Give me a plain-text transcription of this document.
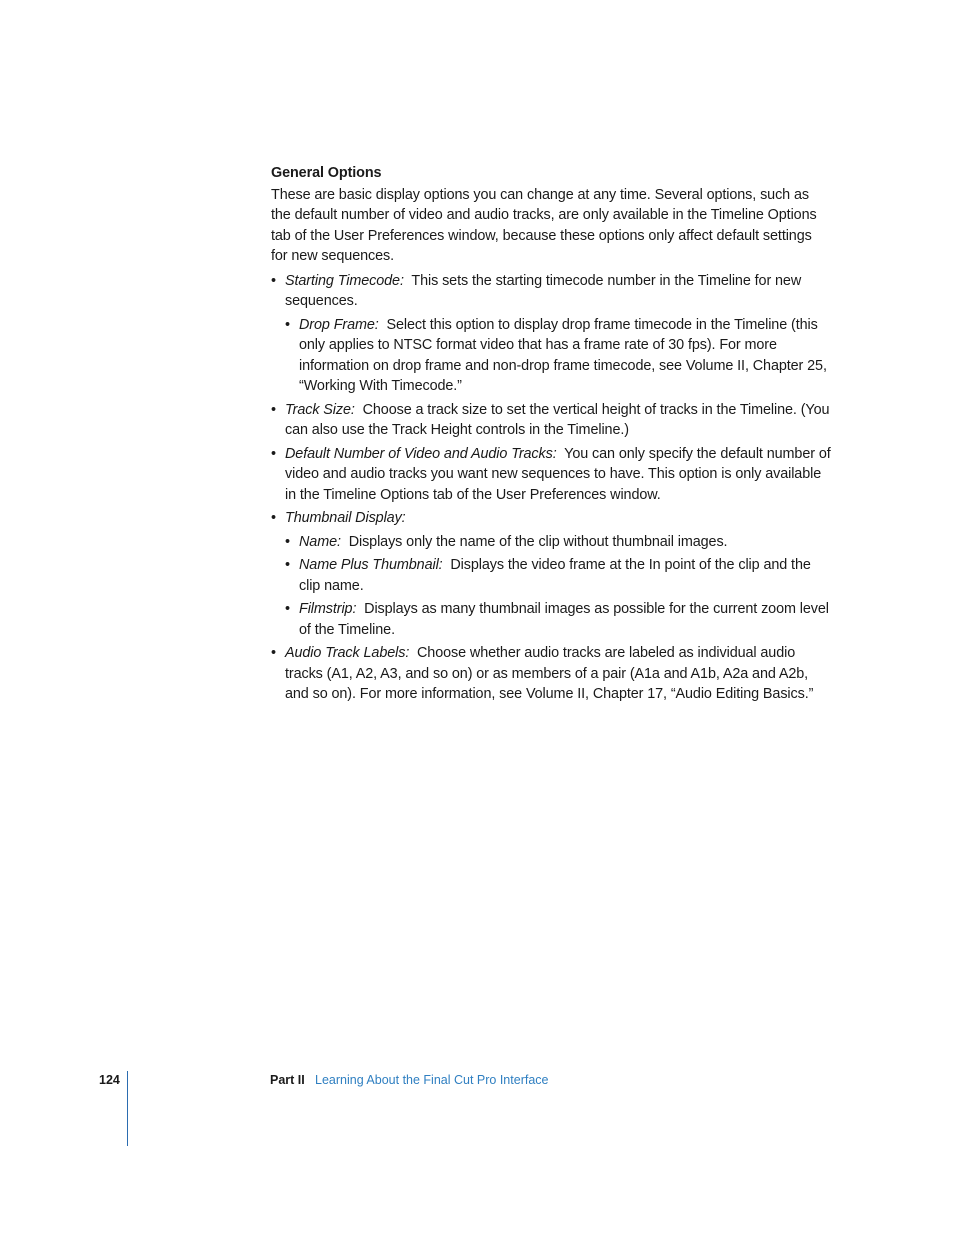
General Options
These are basic display options you can change at any time. Several options, such as the default number of video and audio tracks, are only available in the Timeline Options tab of the User Preferences window, because these options only affect default settings for new sequences.
• Starting Timecode: This sets the starting timecode number in the Timeline for new sequences.
• Drop Frame: Select this option to display drop frame timecode in the Timeline (this only applies to NTSC format video that has a frame rate of 30 fps). For more information on drop frame and non-drop frame timecode, see Volume II, Chapter 25, “Working With Timecode.”
• Track Size: Choose a track size to set the vertical height of tracks in the Timeline. (You can also use the Track Height controls in the Timeline.)
• Default Number of Video and Audio Tracks: You can only specify the default number of video and audio tracks you want new sequences to have. This option is only available in the Timeline Options tab of the User Preferences window.
• Thumbnail Display:
• Name: Displays only the name of the clip without thumbnail images.
• Name Plus Thumbnail: Displays the video frame at the In point of the clip and the clip name.
• Filmstrip: Displays as many thumbnail images as possible for the current zoom level of the Timeline.
• Audio Track Labels: Choose whether audio tracks are labeled as individual audio tracks (A1, A2, A3, and so on) or as members of a pair (A1a and A1b, A2a and A2b, and so on). For more information, see Volume II, Chapter 17, “Audio Editing Basics.”
124	Part II Learning About the Final Cut Pro Interface
